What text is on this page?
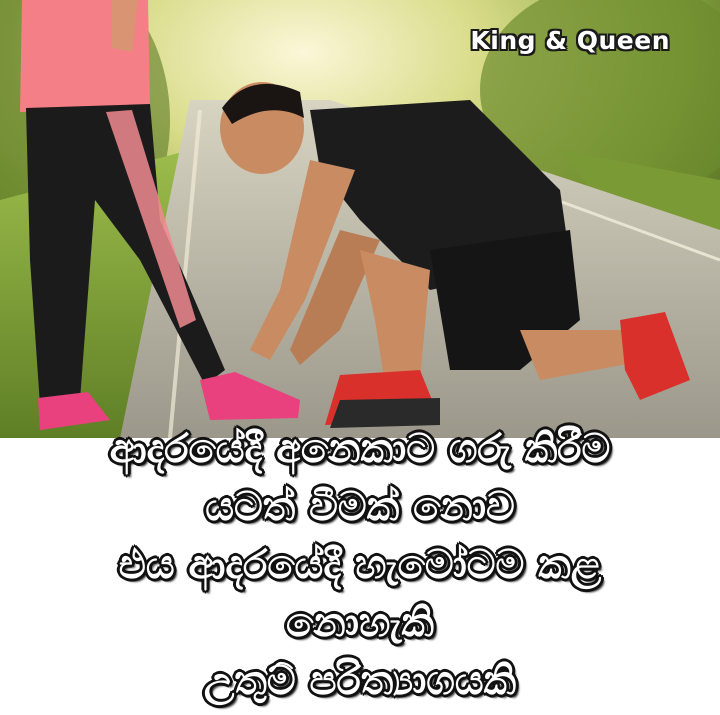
King & Queen
ආදරයේදී අනෙකාට ගරු කිරීම
යටත් වීමක් නොව
එය ආදරයේදී හැමෝටම කළ
නොහැකි
උතුම් පරිත්‍යාගයකි
